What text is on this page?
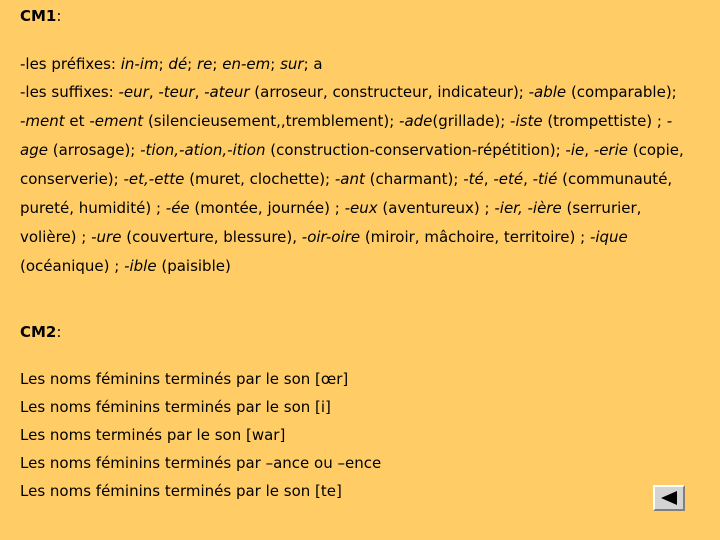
CM1:
-les préfixes: in-im; dé; re; en-em; sur; a
-les suffixes: -eur, -teur, -ateur (arroseur, constructeur, indicateur); -able (comparable); -ment et -ement (silencieusement,,tremblement); -ade(grillade); -iste (trompettiste) ; -age (arrosage); -tion,-ation,-ition (construction-conservation-répétition); -ie, -erie (copie, conserverie); -et,-ette (muret, clochette); -ant (charmant); -té, -eté, -tié (communauté, pureté, humidité) ; -ée (montée, journée) ; -eux (aventureux) ; -ier, -ière (serrurier, volière) ; -ure (couverture, blessure), -oir-oire (miroir, mâchoire, territoire) ; -ique (océanique) ; -ible (paisible)
CM2:
Les noms féminins terminés par le son [œr]
Les noms féminins terminés par le son [i]
Les noms terminés par le son [war]
Les noms féminins terminés par –ance ou –ence
Les noms féminins terminés par le son [te]
